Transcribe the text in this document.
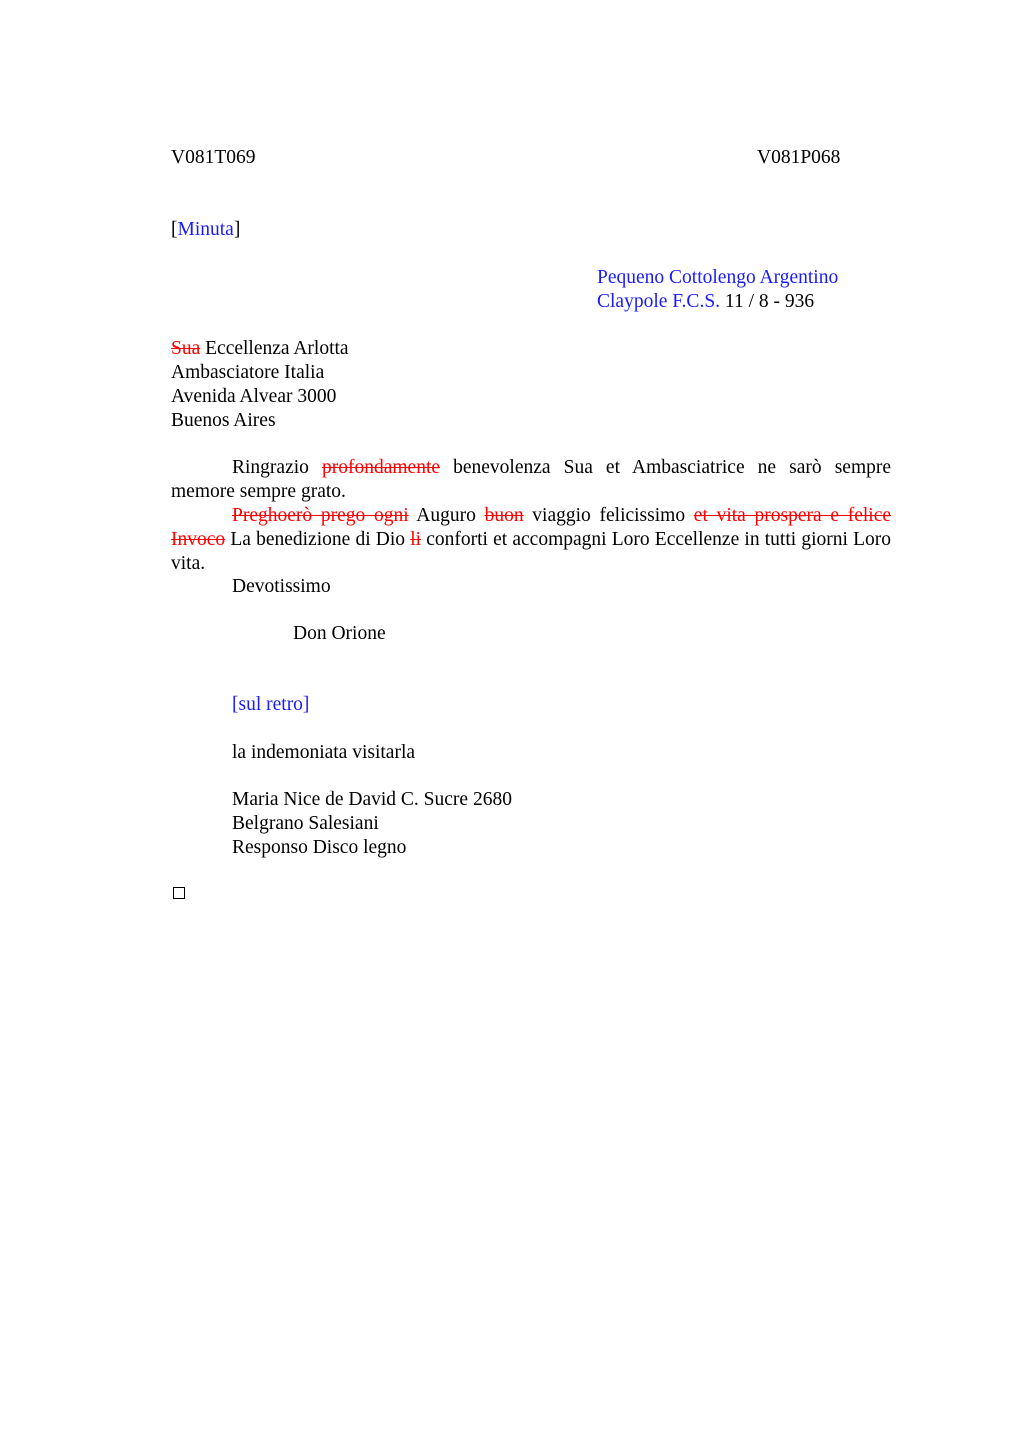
V081T069	V081P068
[Minuta]
Pequeno Cottolengo Argentino
Claypole F.C.S. 11 / 8 - 936
Sua Eccellenza Arlotta
Ambasciatore Italia
Avenida Alvear 3000
Buenos Aires

Ringrazio profondamente benevolenza Sua et Ambasciatrice ne sarò sempre memore sempre grato.

Preghoerò prego ogni Auguro buon viaggio felicissimo et vita prospera e felice Invoco La benedizione di Dio li conforti et accompagni Loro Eccellenze in tutti giorni Loro vita.

Devotissimo
Don Orione
[sul retro]
la indemoniata visitarla
Maria Nice de David C. Sucre 2680
Belgrano Salesiani
Responso Disco legno
